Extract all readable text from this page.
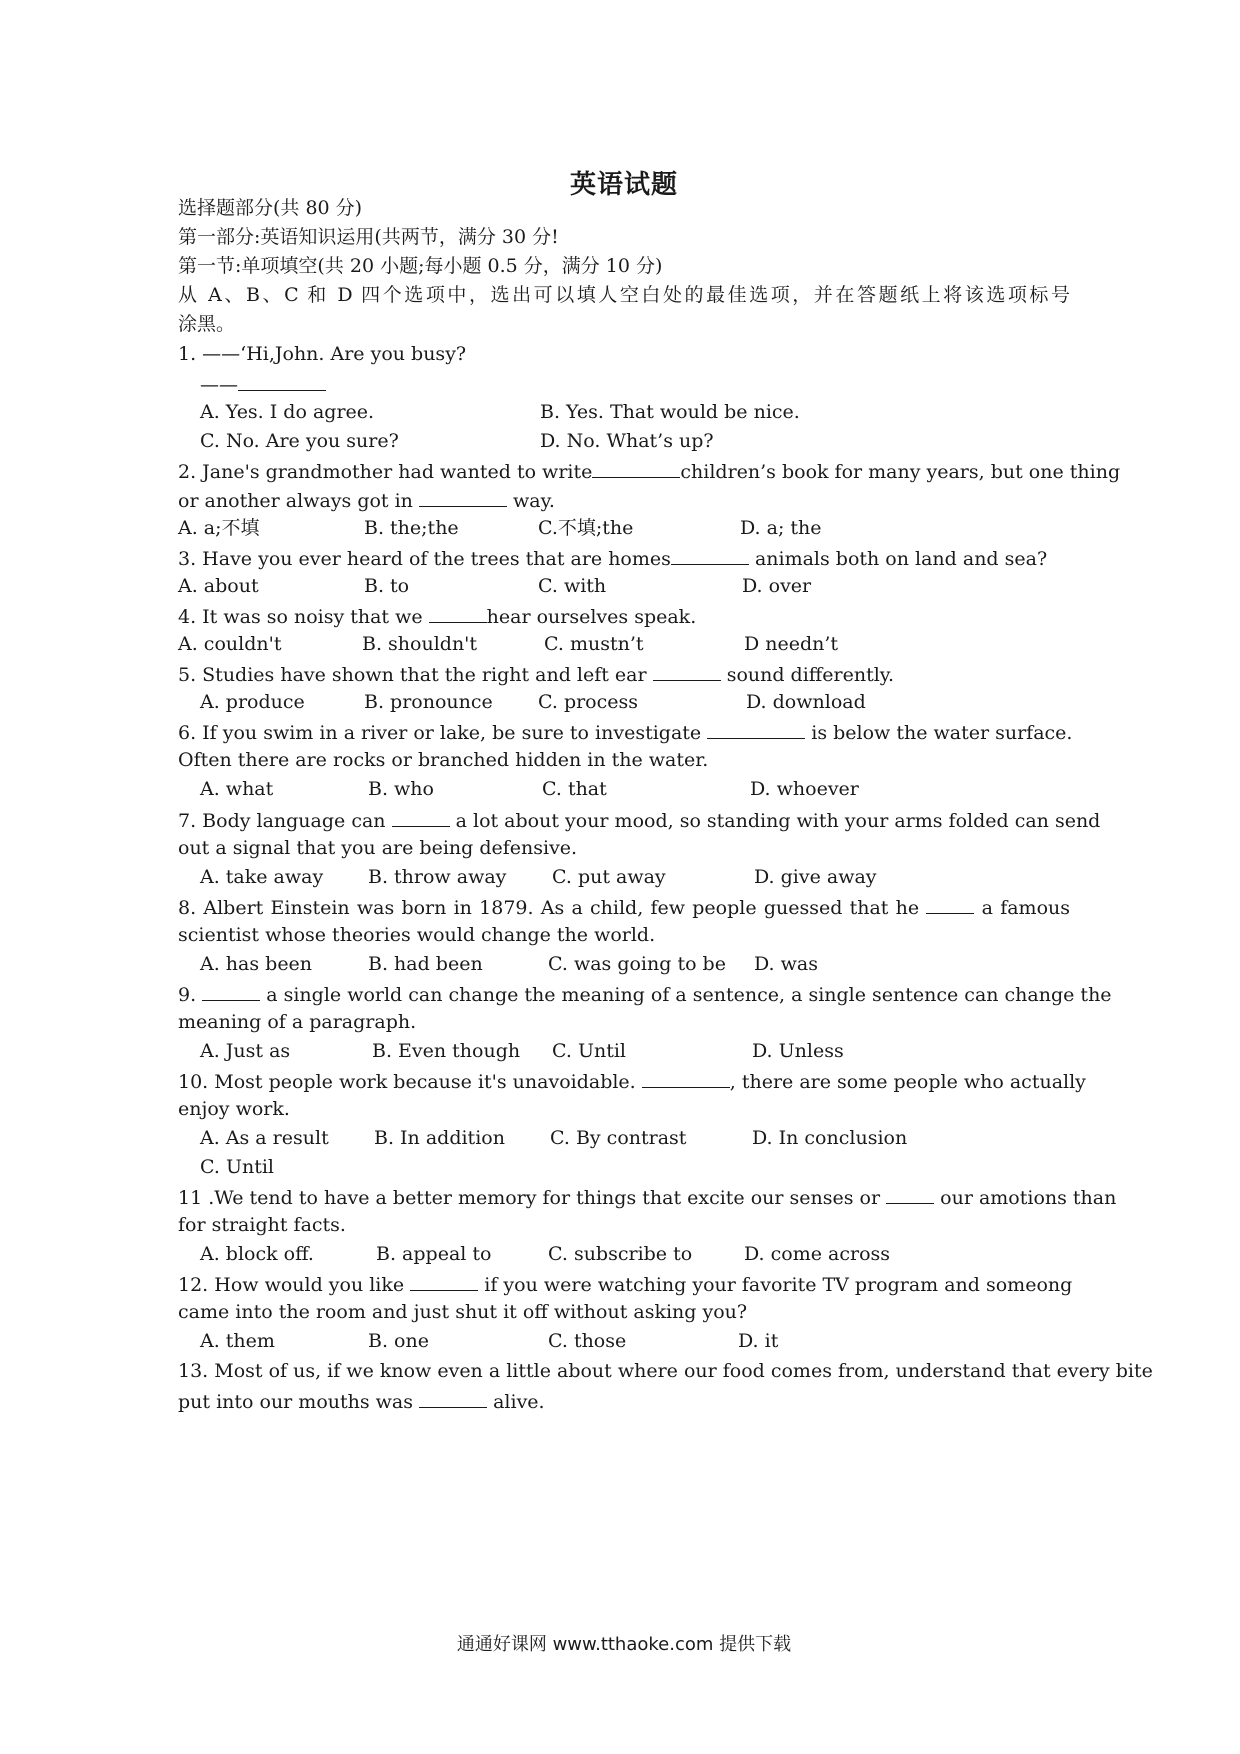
英语试题
选择题部分(共 80 分)
第一部分:英语知识运用(共两节，满分 30 分!
第一节:单项填空(共 20 小题;每小题 0.5 分，满分 10 分)
从 A、B、C 和 D 四个选项中，选出可以填人空白处的最佳选项，并在答题纸上将该选项标号
涂黑。
1. ——‘Hi,John. Are you busy?
——
A. Yes. I do agree.	B. Yes. That would be nice.
C. No. Are you sure?	D. No. What’s up?
2. Jane's grandmother had wanted to write	children’s book for many years, but one thing
or another always got in	way.
A. a;不填	B. the;the	C.不填;the	D. a; the
3. Have you ever heard of the trees that are homes	animals both on land and sea?
A. about	B. to	C. with	D. over
4. It was so noisy that we	hear ourselves speak.
A. couldn't	B. shouldn't	C. mustn’t	D needn’t
5. Studies have shown that the right and left ear	sound differently.
A. produce	B. pronounce C. process	D. download
6. If you swim in a river or lake, be sure to investigate	is below the water surface.
Often there are rocks or branched hidden in the water.
A. what	B. who	C. that	D. whoever
7. Body language can	a lot about your mood, so standing with your arms folded can send
out a signal that you are being defensive.
A. take away B. throw away C. put away	D. give away
8. Albert Einstein was born in 1879. As a child, few people guessed that he	a famous
scientist whose theories would change the world.
A. has been	B. had been	C. was going to be D. was
9.	a single world can change the meaning of a sentence, a single sentence can change the
meaning of a paragraph.
A. Just as	B. Even though C. Until	D. Unless
10. Most people work because it's unavoidable.	, there are some people who actually
enjoy work.
A. As a result B. In addition C. By contrast	D. In conclusion
C. Until
11 .We tend to have a better memory for things that excite our senses or	our amotions than
for straight facts.
A. block off.	B. appeal to	C. subscribe to	D. come across
12. How would you like	if you were watching your favorite TV program and someong
came into the room and just shut it off without asking you?
A. them	B. one	C. those	D. it
13. Most of us, if we know even a little about where our food comes from, understand that every bite
put into our mouths was	alive.
通通好课网 www.tthaoke.com 提供下载
